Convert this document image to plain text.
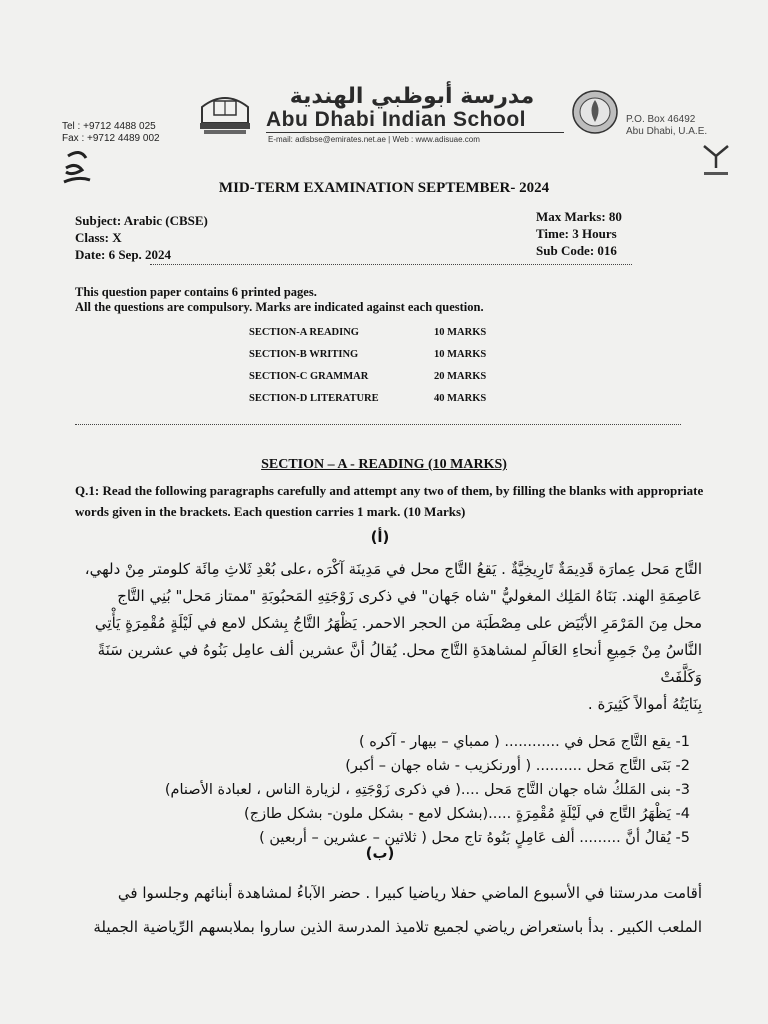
Tel : +9712 4488 025
Fax : +9712 4489 002
مدرسة أبوظبي الهندية
Abu Dhabi Indian School
E-mail: adisbse@emirates.net.ae | Web : www.adisuae.com
P.O. Box 46492
Abu Dhabi, U.A.E.
MID-TERM EXAMINATION SEPTEMBER- 2024
Subject: Arabic (CBSE)
Class: X
Date: 6 Sep. 2024
Max Marks: 80
Time: 3 Hours
Sub Code: 016
This question paper contains 6 printed pages.
All the questions are compulsory. Marks are indicated against each question.
SECTION-A READING	10 MARKS
SECTION-B WRITING	10 MARKS
SECTION-C GRAMMAR	20 MARKS
SECTION-D LITERATURE	40 MARKS
SECTION – A - READING (10 MARKS)
Q.1: Read the following paragraphs carefully and attempt any two of them, by filling the blanks with appropriate words given in the brackets. Each question carries 1 mark. (10 Marks)
(أ)
التَّاج مَحل عِمارَة قَدِيمَةٌ تَارِيخِيَّةٌ . يَقعُ التَّاج محل في مَدِينَة آكْرَه ،على بُعْدِ ثَلاثِ مِائَة كلومتر مِنْ دلهي،
عَاصِمَةِ الهند. بَنَاهُ المَلِك المغوليُّ "شاه جَهان" في ذكرى زَوْجَتِهِ المَحبُوبَةِ "ممتاز مَحل" بُنِي التَّاج
محل مِنَ المَرْمَرِ الأبْيَض على مِصْطَبَة من الحجر الاحمر. يَظْهَرُ التَّاجُ بِشكل لامع في لَيْلَةٍ مُقْمِرَةٍ يَأْتِي
النَّاسُ مِنْ جَمِيعِ أنحاءِ العَالَمِ لمشاهدَةِ التَّاج محل. يُقالُ أنَّ عشرين ألف عامِل بَنُوهُ في عشرين سَنَةً وَكَلَّفَتْ
بِنَايَتُهُ أموالاً كَثِيرَة .
1- يقع التَّاج مَحل في ............ ( ممباي – بيهار - آكره )
2- بَنَى التَّاج مَحل .......... ( أورنكزيب - شاه جهان – أكبر)
3- بنى المَلكُ شاه جهان التَّاج مَحل ....( في ذكرى زَوْجَتِهِ ، لزيارة الناس ، لعبادة الأصنام)
4- يَظْهَرُ التَّاج في لَيْلَةٍ مُقْمِرَةٍ .....(بشكل لامع - بشكل ملون- بشكل طازج)
5- يُقالُ أنَّ ......... ألف عَامِلٍ بَنُوهُ تاج محل ( ثلاثين – عشرين – أربعين )
(ب)
أقامت مدرستنا في الأسبوع الماضي حفلا رياضيا كبيرا . حضر الآباءُ لمشاهدة أبنائهم وجلسوا في
الملعب الكبير . بدأ باستعراض رياضي لجميع تلاميذ المدرسة الذين ساروا بملابسهم الرِّياضية الجميلة
